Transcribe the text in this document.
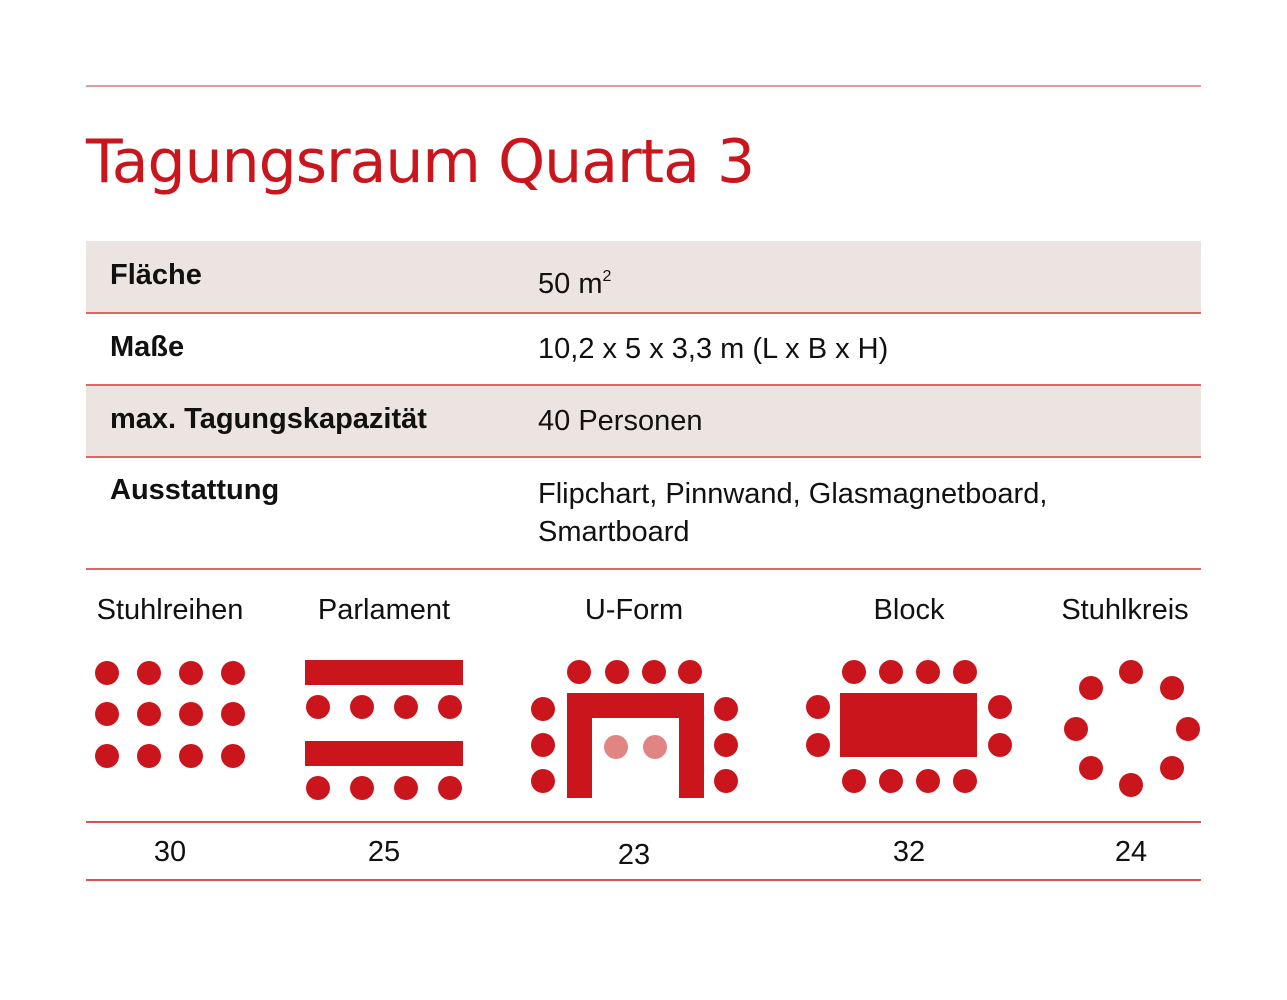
Tagungsraum Quarta 3
Fläche	50 $m^2$
Maße	10,2 x 5 x 3,3 m (L x B x H)
max. Tagungskapazität	40 Personen
Ausstattung	Flipchart, Pinnwand, Glasmagnetboard,
Smartboard
Stuhlreihen	Parlament	U-Form	Block	Stuhlkreis
30	25	23	32	24
